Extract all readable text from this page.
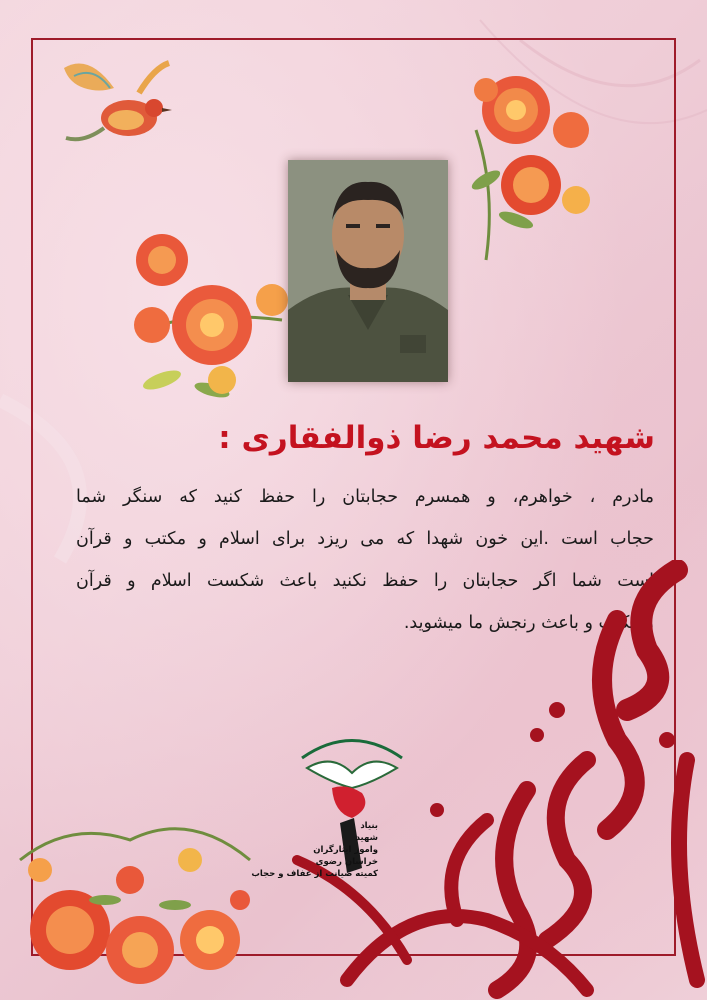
شهید محمد رضا ذوالفقاری :
مادرم ، خواهرم، و همسرم حجابتان را حفظ کنید که سنگر شما
حجاب است .این خون شهدا که می ریزد برای اسلام و مکتب و قرآن
است شما اگر حجابتان را حفظ نکنید باعث شکست اسلام و قرآن
و مکتب و باعث رنجش ما میشوید.
بنیاد
شهید
وامور ایثارگران
خراسان رضوی
کمیته صیانت از عفاف و حجاب
